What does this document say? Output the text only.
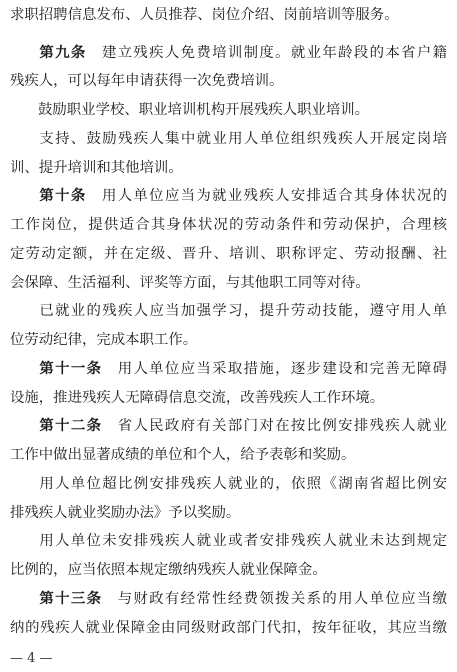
求职招聘信息发布、人员推荐、岗位介绍、岗前培训等服务。
第九条 建立残疾人免费培训制度。就业年龄段的本省户籍
残疾人，可以每年申请获得一次免费培训。
鼓励职业学校、职业培训机构开展残疾人职业培训。
支持、鼓励残疾人集中就业用人单位组织残疾人开展定岗培
训、提升培训和其他培训。
第十条 用人单位应当为就业残疾人安排适合其身体状况的
工作岗位，提供适合其身体状况的劳动条件和劳动保护，合理核
定劳动定额，并在定级、晋升、培训、职称评定、劳动报酬、社
会保障、生活福利、评奖等方面，与其他职工同等对待。
已就业的残疾人应当加强学习，提升劳动技能，遵守用人单
位劳动纪律，完成本职工作。
第十一条 用人单位应当采取措施，逐步建设和完善无障碍
设施，推进残疾人无障碍信息交流，改善残疾人工作环境。
第十二条 省人民政府有关部门对在按比例安排残疾人就业
工作中做出显著成绩的单位和个人，给予表彰和奖励。
用人单位超比例安排残疾人就业的，依照《湖南省超比例安
排残疾人就业奖励办法》予以奖励。
用人单位未安排残疾人就业或者安排残疾人就业未达到规定
比例的，应当依照本规定缴纳残疾人就业保障金。
第十三条 与财政有经常性经费领拨关系的用人单位应当缴
纳的残疾人就业保障金由同级财政部门代扣，按年征收，其应当缴
— 4 —
